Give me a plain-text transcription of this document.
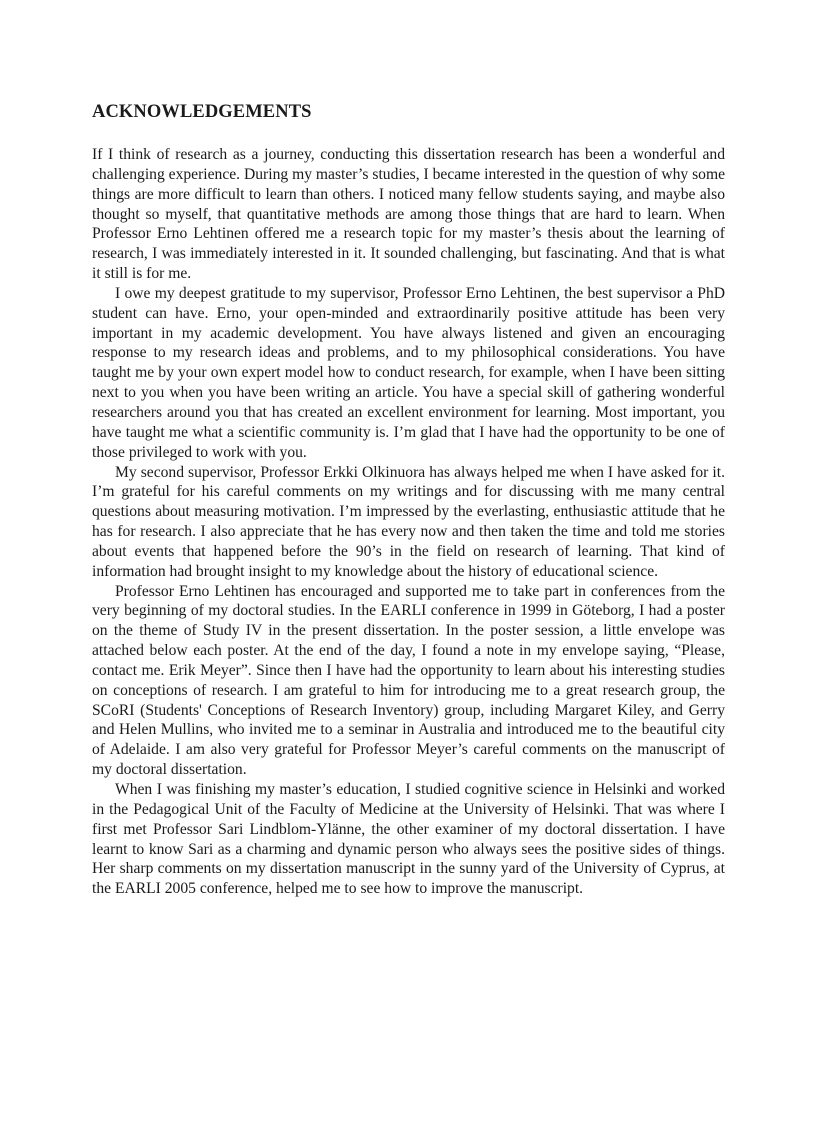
ACKNOWLEDGEMENTS

If I think of research as a journey, conducting this dissertation research has been a wonderful and challenging experience. During my master’s studies, I became interested in the question of why some things are more difficult to learn than others. I noticed many fellow students saying, and maybe also thought so myself, that quantitative methods are among those things that are hard to learn. When Professor Erno Lehtinen offered me a research topic for my master’s thesis about the learning of research, I was immediately interested in it. It sounded challenging, but fascinating. And that is what it still is for me.

I owe my deepest gratitude to my supervisor, Professor Erno Lehtinen, the best supervisor a PhD student can have. Erno, your open-minded and extraordinarily positive attitude has been very important in my academic development. You have always listened and given an encouraging response to my research ideas and problems, and to my philosophical considerations. You have taught me by your own expert model how to conduct research, for example, when I have been sitting next to you when you have been writing an article. You have a special skill of gathering wonderful researchers around you that has created an excellent environment for learning. Most important, you have taught me what a scientific community is. I’m glad that I have had the opportunity to be one of those privileged to work with you.

My second supervisor, Professor Erkki Olkinuora has always helped me when I have asked for it. I’m grateful for his careful comments on my writings and for discussing with me many central questions about measuring motivation. I’m impressed by the everlasting, enthusiastic attitude that he has for research. I also appreciate that he has every now and then taken the time and told me stories about events that happened before the 90’s in the field on research of learning. That kind of information had brought insight to my knowledge about the history of educational science.

Professor Erno Lehtinen has encouraged and supported me to take part in conferences from the very beginning of my doctoral studies. In the EARLI conference in 1999 in Göteborg, I had a poster on the theme of Study IV in the present dissertation. In the poster session, a little envelope was attached below each poster. At the end of the day, I found a note in my envelope saying, “Please, contact me. Erik Meyer”. Since then I have had the opportunity to learn about his interesting studies on conceptions of research. I am grateful to him for introducing me to a great research group, the SCoRI (Students' Conceptions of Research Inventory) group, including Margaret Kiley, and Gerry and Helen Mullins, who invited me to a seminar in Australia and introduced me to the beautiful city of Adelaide. I am also very grateful for Professor Meyer’s careful comments on the manuscript of my doctoral dissertation.

When I was finishing my master’s education, I studied cognitive science in Helsinki and worked in the Pedagogical Unit of the Faculty of Medicine at the University of Helsinki. That was where I first met Professor Sari Lindblom-Ylänne, the other examiner of my doctoral dissertation. I have learnt to know Sari as a charming and dynamic person who always sees the positive sides of things. Her sharp comments on my dissertation manuscript in the sunny yard of the University of Cyprus, at the EARLI 2005 conference, helped me to see how to improve the manuscript.
